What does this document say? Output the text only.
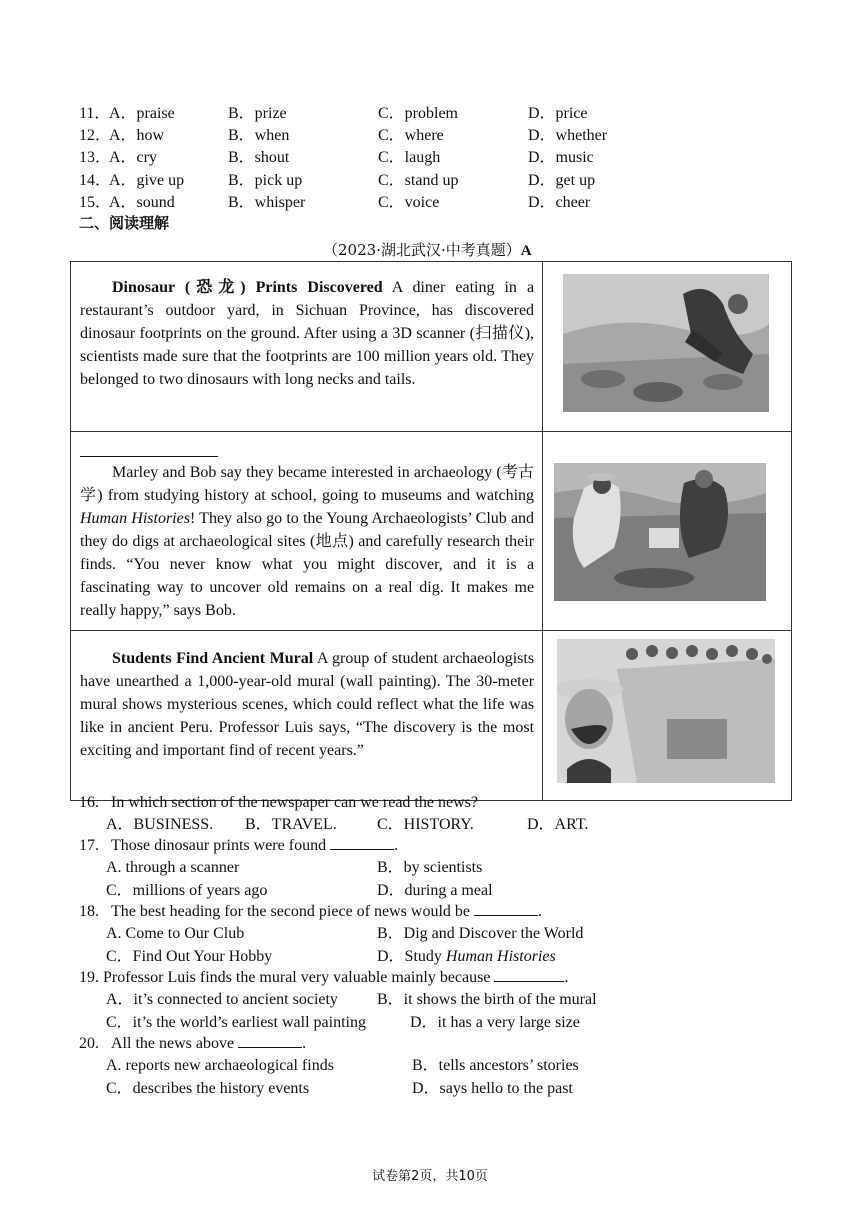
11．
A．praise	B．prize	C．problem	D．price
12．
A．how	B．when	C．where	D．whether
13．
A．cry	B．shout	C．laugh	D．music
14．
A．give up	B．pick up	C．stand up	D．get up
15．
A．sound	B．whisper	C．voice	D．cheer
二、阅读理解
（2023·湖北武汉·中考真题）A
Dinosaur (恐龙) Prints Discovered A diner eating in a restaurant’s outdoor yard, in Sichuan Province, has discovered dinosaur footprints on the ground. After using a 3D scanner (扫描仪), scientists made sure that the footprints are 100 million years old. They belonged to two dinosaurs with long necks and tails.

Marley and Bob say they became interested in archaeology (考古学) from studying history at school, going to museums and watching Human Histories! They also go to the Young Archaeologists’ Club and they do digs at archaeological sites (地点) and carefully research their finds. “You never know what you might discover, and it is a fascinating way to uncover old remains on a real dig. It makes me really happy,” says Bob.

Students Find Ancient Mural A group of student archaeologists have unearthed a 1,000-year-old mural (wall painting). The 30-meter mural shows mysterious scenes, which could reflect what the life was like in ancient Peru. Professor Luis says, “The discovery is the most exciting and important find of recent years.”

16. In which section of the newspaper can we read the news?
A．BUSINESS. B．TRAVEL.	C．HISTORY.	D．ART.
17. Those dinosaur prints were found	.
A. through a scanner	B．by scientists
C．millions of years ago	D．during a meal
18. The best heading for the second piece of news would be	.
A. Come to Our Club	B．Dig and Discover the World
C．Find Out Your Hobby	D．Study Human Histories
19. Professor Luis finds the mural very valuable mainly because	.
A．it’s connected to ancient society B．it shows the birth of the mural
C．it’s the world’s earliest wall painting	D．it has a very large size
20. All the news above	.
A. reports new archaeological finds	B．tells ancestors’ stories
C．describes the history events	D．says hello to the past
试卷第2页，共10页
